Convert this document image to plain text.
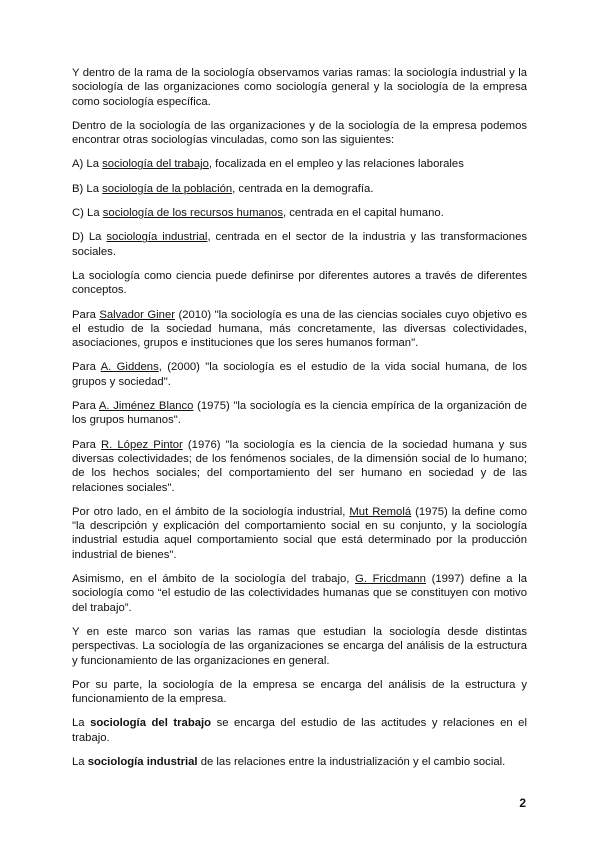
Y dentro de la rama de la sociología observamos varias ramas: la sociología industrial y la sociología de las organizaciones como sociología general y la sociología de la empresa como sociología específica.

Dentro de la sociología de las organizaciones y de la sociología de la empresa podemos encontrar otras sociologías vinculadas, como son las siguientes:

A) La sociología del trabajo, focalizada en el empleo y las relaciones laborales

B) La sociología de la población, centrada en la demografía.

C) La sociología de los recursos humanos, centrada en el capital humano.

D) La sociología industrial, centrada en el sector de la industria y las transformaciones sociales.

La sociología como ciencia puede definirse por diferentes autores a través de diferentes conceptos.

Para Salvador Giner (2010) "la sociología es una de las ciencias sociales cuyo objetivo es el estudio de la sociedad humana, más concretamente, las diversas colectividades, asociaciones, grupos e instituciones que los seres humanos forman".

Para A. Giddens, (2000) "la sociología es el estudio de la vida social humana, de los grupos y sociedad".

Para A. Jiménez Blanco (1975) "la sociología es la ciencia empírica de la organización de los grupos humanos".

Para R. López Pintor (1976) "la sociología es la ciencia de la sociedad humana y sus diversas colectividades; de los fenómenos sociales, de la dimensión social de lo humano; de los hechos sociales; del comportamiento del ser humano en sociedad y de las relaciones sociales".

Por otro lado, en el ámbito de la sociología industrial, Mut Remolá (1975) la define como "la descripción y explicación del comportamiento social en su conjunto, y la sociología industrial estudia aquel comportamiento social que está determinado por la producción industrial de bienes".

Asimismo, en el ámbito de la sociología del trabajo, G. Fricdmann (1997) define a la sociología como “el estudio de las colectividades humanas que se constituyen con motivo del trabajo”.

Y en este marco son varias las ramas que estudian la sociología desde distintas perspectivas. La sociología de las organizaciones se encarga del análisis de la estructura y funcionamiento de las organizaciones en general.

Por su parte, la sociología de la empresa se encarga del análisis de la estructura y funcionamiento de la empresa.

La sociología del trabajo se encarga del estudio de las actitudes y relaciones en el trabajo.

La sociología industrial de las relaciones entre la industrialización y el cambio social.

2
